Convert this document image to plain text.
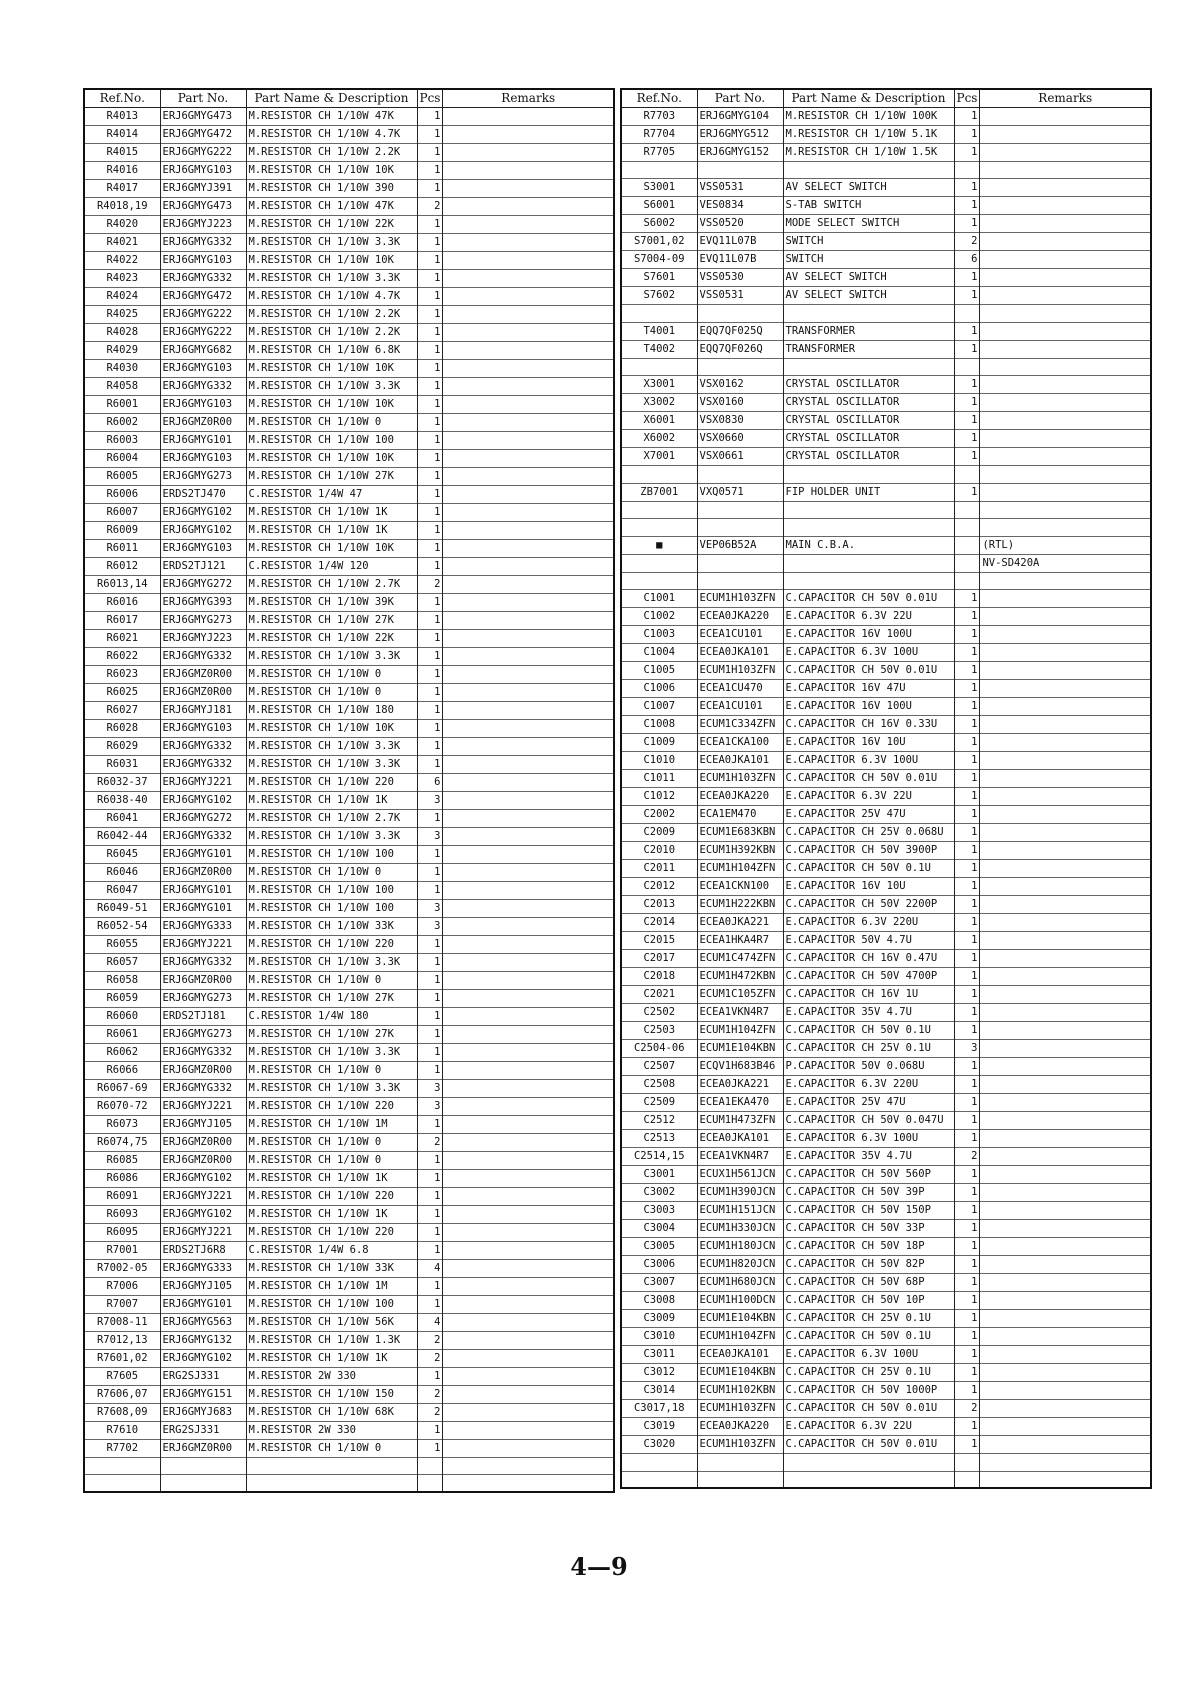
Ref.No.	Part No.	Part Name & Description	Pcs	Remarks
R4013	ERJ6GMYG473	M.RESISTOR CH 1/10W 47K	1	
R4014	ERJ6GMYG472	M.RESISTOR CH 1/10W 4.7K	1	
R4015	ERJ6GMYG222	M.RESISTOR CH 1/10W 2.2K	1	
R4016	ERJ6GMYG103	M.RESISTOR CH 1/10W 10K	1	
R4017	ERJ6GMYJ391	M.RESISTOR CH 1/10W 390	1	
R4018,19	ERJ6GMYG473	M.RESISTOR CH 1/10W 47K	2	
R4020	ERJ6GMYJ223	M.RESISTOR CH 1/10W 22K	1	
R4021	ERJ6GMYG332	M.RESISTOR CH 1/10W 3.3K	1	
R4022	ERJ6GMYG103	M.RESISTOR CH 1/10W 10K	1	
R4023	ERJ6GMYG332	M.RESISTOR CH 1/10W 3.3K	1	
R4024	ERJ6GMYG472	M.RESISTOR CH 1/10W 4.7K	1	
R4025	ERJ6GMYG222	M.RESISTOR CH 1/10W 2.2K	1	
R4028	ERJ6GMYG222	M.RESISTOR CH 1/10W 2.2K	1	
R4029	ERJ6GMYG682	M.RESISTOR CH 1/10W 6.8K	1	
R4030	ERJ6GMYG103	M.RESISTOR CH 1/10W 10K	1	
R4058	ERJ6GMYG332	M.RESISTOR CH 1/10W 3.3K	1	
R6001	ERJ6GMYG103	M.RESISTOR CH 1/10W 10K	1	
R6002	ERJ6GMZ0R00	M.RESISTOR CH 1/10W 0	1	
R6003	ERJ6GMYG101	M.RESISTOR CH 1/10W 100	1	
R6004	ERJ6GMYG103	M.RESISTOR CH 1/10W 10K	1	
R6005	ERJ6GMYG273	M.RESISTOR CH 1/10W 27K	1	
R6006	ERDS2TJ470	C.RESISTOR 1/4W 47	1	
R6007	ERJ6GMYG102	M.RESISTOR CH 1/10W 1K	1	
R6009	ERJ6GMYG102	M.RESISTOR CH 1/10W 1K	1	
R6011	ERJ6GMYG103	M.RESISTOR CH 1/10W 10K	1	
R6012	ERDS2TJ121	C.RESISTOR 1/4W 120	1	
R6013,14	ERJ6GMYG272	M.RESISTOR CH 1/10W 2.7K	2	
R6016	ERJ6GMYG393	M.RESISTOR CH 1/10W 39K	1	
R6017	ERJ6GMYG273	M.RESISTOR CH 1/10W 27K	1	
R6021	ERJ6GMYJ223	M.RESISTOR CH 1/10W 22K	1	
R6022	ERJ6GMYG332	M.RESISTOR CH 1/10W 3.3K	1	
R6023	ERJ6GMZ0R00	M.RESISTOR CH 1/10W 0	1	
R6025	ERJ6GMZ0R00	M.RESISTOR CH 1/10W 0	1	
R6027	ERJ6GMYJ181	M.RESISTOR CH 1/10W 180	1	
R6028	ERJ6GMYG103	M.RESISTOR CH 1/10W 10K	1	
R6029	ERJ6GMYG332	M.RESISTOR CH 1/10W 3.3K	1	
R6031	ERJ6GMYG332	M.RESISTOR CH 1/10W 3.3K	1	
R6032-37	ERJ6GMYJ221	M.RESISTOR CH 1/10W 220	6	
R6038-40	ERJ6GMYG102	M.RESISTOR CH 1/10W 1K	3	
R6041	ERJ6GMYG272	M.RESISTOR CH 1/10W 2.7K	1	
R6042-44	ERJ6GMYG332	M.RESISTOR CH 1/10W 3.3K	3	
R6045	ERJ6GMYG101	M.RESISTOR CH 1/10W 100	1	
R6046	ERJ6GMZ0R00	M.RESISTOR CH 1/10W 0	1	
R6047	ERJ6GMYG101	M.RESISTOR CH 1/10W 100	1	
R6049-51	ERJ6GMYG101	M.RESISTOR CH 1/10W 100	3	
R6052-54	ERJ6GMYG333	M.RESISTOR CH 1/10W 33K	3	
R6055	ERJ6GMYJ221	M.RESISTOR CH 1/10W 220	1	
R6057	ERJ6GMYG332	M.RESISTOR CH 1/10W 3.3K	1	
R6058	ERJ6GMZ0R00	M.RESISTOR CH 1/10W 0	1	
R6059	ERJ6GMYG273	M.RESISTOR CH 1/10W 27K	1	
R6060	ERDS2TJ181	C.RESISTOR 1/4W 180	1	
R6061	ERJ6GMYG273	M.RESISTOR CH 1/10W 27K	1	
R6062	ERJ6GMYG332	M.RESISTOR CH 1/10W 3.3K	1	
R6066	ERJ6GMZ0R00	M.RESISTOR CH 1/10W 0	1	
R6067-69	ERJ6GMYG332	M.RESISTOR CH 1/10W 3.3K	3	
R6070-72	ERJ6GMYJ221	M.RESISTOR CH 1/10W 220	3	
R6073	ERJ6GMYJ105	M.RESISTOR CH 1/10W 1M	1	
R6074,75	ERJ6GMZ0R00	M.RESISTOR CH 1/10W 0	2	
R6085	ERJ6GMZ0R00	M.RESISTOR CH 1/10W 0	1	
R6086	ERJ6GMYG102	M.RESISTOR CH 1/10W 1K	1	
R6091	ERJ6GMYJ221	M.RESISTOR CH 1/10W 220	1	
R6093	ERJ6GMYG102	M.RESISTOR CH 1/10W 1K	1	
R6095	ERJ6GMYJ221	M.RESISTOR CH 1/10W 220	1	
R7001	ERDS2TJ6R8	C.RESISTOR 1/4W 6.8	1	
R7002-05	ERJ6GMYG333	M.RESISTOR CH 1/10W 33K	4	
R7006	ERJ6GMYJ105	M.RESISTOR CH 1/10W 1M	1	
R7007	ERJ6GMYG101	M.RESISTOR CH 1/10W 100	1	
R7008-11	ERJ6GMYG563	M.RESISTOR CH 1/10W 56K	4	
R7012,13	ERJ6GMYG132	M.RESISTOR CH 1/10W 1.3K	2	
R7601,02	ERJ6GMYG102	M.RESISTOR CH 1/10W 1K	2	
R7605	ERG2SJ331	M.RESISTOR 2W 330	1	
R7606,07	ERJ6GMYG151	M.RESISTOR CH 1/10W 150	2	
R7608,09	ERJ6GMYJ683	M.RESISTOR CH 1/10W 68K	2	
R7610	ERG2SJ331	M.RESISTOR 2W 330	1	
R7702	ERJ6GMZ0R00	M.RESISTOR CH 1/10W 0	1	

Ref.No.	Part No.	Part Name & Description	Pcs	Remarks
R7703	ERJ6GMYG104	M.RESISTOR CH 1/10W 100K	1	
R7704	ERJ6GMYG512	M.RESISTOR CH 1/10W 5.1K	1	
R7705	ERJ6GMYG152	M.RESISTOR CH 1/10W 1.5K	1	

S3001	VSS0531	AV SELECT SWITCH	1	
S6001	VES0834	S-TAB SWITCH	1	
S6002	VSS0520	MODE SELECT SWITCH	1	
S7001,02	EVQ11L07B	SWITCH	2	
S7004-09	EVQ11L07B	SWITCH	6	
S7601	VSS0530	AV SELECT SWITCH	1	
S7602	VSS0531	AV SELECT SWITCH	1	

T4001	EQQ7QF025Q	TRANSFORMER	1	
T4002	EQQ7QF026Q	TRANSFORMER	1	

X3001	VSX0162	CRYSTAL OSCILLATOR	1	
X3002	VSX0160	CRYSTAL OSCILLATOR	1	
X6001	VSX0830	CRYSTAL OSCILLATOR	1	
X6002	VSX0660	CRYSTAL OSCILLATOR	1	
X7001	VSX0661	CRYSTAL OSCILLATOR	1	

ZB7001	VXQ0571	FIP HOLDER UNIT	1	

■	VEP06B52A	MAIN C.B.A.		(RTL)
				NV-SD420A

C1001	ECUM1H103ZFN	C.CAPACITOR CH 50V 0.01U	1	
C1002	ECEA0JKA220	E.CAPACITOR 6.3V 22U	1	
C1003	ECEA1CU101	E.CAPACITOR 16V 100U	1	
C1004	ECEA0JKA101	E.CAPACITOR 6.3V 100U	1	
C1005	ECUM1H103ZFN	C.CAPACITOR CH 50V 0.01U	1	
C1006	ECEA1CU470	E.CAPACITOR 16V 47U	1	
C1007	ECEA1CU101	E.CAPACITOR 16V 100U	1	
C1008	ECUM1C334ZFN	C.CAPACITOR CH 16V 0.33U	1	
C1009	ECEA1CKA100	E.CAPACITOR 16V 10U	1	
C1010	ECEA0JKA101	E.CAPACITOR 6.3V 100U	1	
C1011	ECUM1H103ZFN	C.CAPACITOR CH 50V 0.01U	1	
C1012	ECEA0JKA220	E.CAPACITOR 6.3V 22U	1	
C2002	ECA1EM470	E.CAPACITOR 25V 47U	1	
C2009	ECUM1E683KBN	C.CAPACITOR CH 25V 0.068U	1	
C2010	ECUM1H392KBN	C.CAPACITOR CH 50V 3900P	1	
C2011	ECUM1H104ZFN	C.CAPACITOR CH 50V 0.1U	1	
C2012	ECEA1CKN100	E.CAPACITOR 16V 10U	1	
C2013	ECUM1H222KBN	C.CAPACITOR CH 50V 2200P	1	
C2014	ECEA0JKA221	E.CAPACITOR 6.3V 220U	1	
C2015	ECEA1HKA4R7	E.CAPACITOR 50V 4.7U	1	
C2017	ECUM1C474ZFN	C.CAPACITOR CH 16V 0.47U	1	
C2018	ECUM1H472KBN	C.CAPACITOR CH 50V 4700P	1	
C2021	ECUM1C105ZFN	C.CAPACITOR CH 16V 1U	1	
C2502	ECEA1VKN4R7	E.CAPACITOR 35V 4.7U	1	
C2503	ECUM1H104ZFN	C.CAPACITOR CH 50V 0.1U	1	
C2504-06	ECUM1E104KBN	C.CAPACITOR CH 25V 0.1U	3	
C2507	ECQV1H683B46	P.CAPACITOR 50V 0.068U	1	
C2508	ECEA0JKA221	E.CAPACITOR 6.3V 220U	1	
C2509	ECEA1EKA470	E.CAPACITOR 25V 47U	1	
C2512	ECUM1H473ZFN	C.CAPACITOR CH 50V 0.047U	1	
C2513	ECEA0JKA101	E.CAPACITOR 6.3V 100U	1	
C2514,15	ECEA1VKN4R7	E.CAPACITOR 35V 4.7U	2	
C3001	ECUX1H561JCN	C.CAPACITOR CH 50V 560P	1	
C3002	ECUM1H390JCN	C.CAPACITOR CH 50V 39P	1	
C3003	ECUM1H151JCN	C.CAPACITOR CH 50V 150P	1	
C3004	ECUM1H330JCN	C.CAPACITOR CH 50V 33P	1	
C3005	ECUM1H180JCN	C.CAPACITOR CH 50V 18P	1	
C3006	ECUM1H820JCN	C.CAPACITOR CH 50V 82P	1	
C3007	ECUM1H680JCN	C.CAPACITOR CH 50V 68P	1	
C3008	ECUM1H100DCN	C.CAPACITOR CH 50V 10P	1	
C3009	ECUM1E104KBN	C.CAPACITOR CH 25V 0.1U	1	
C3010	ECUM1H104ZFN	C.CAPACITOR CH 50V 0.1U	1	
C3011	ECEA0JKA101	E.CAPACITOR 6.3V 100U	1	
C3012	ECUM1E104KBN	C.CAPACITOR CH 25V 0.1U	1	
C3014	ECUM1H102KBN	C.CAPACITOR CH 50V 1000P	1	
C3017,18	ECUM1H103ZFN	C.CAPACITOR CH 50V 0.01U	2	
C3019	ECEA0JKA220	E.CAPACITOR 6.3V 22U	1	
C3020	ECUM1H103ZFN	C.CAPACITOR CH 50V 0.01U	1	

4—9
